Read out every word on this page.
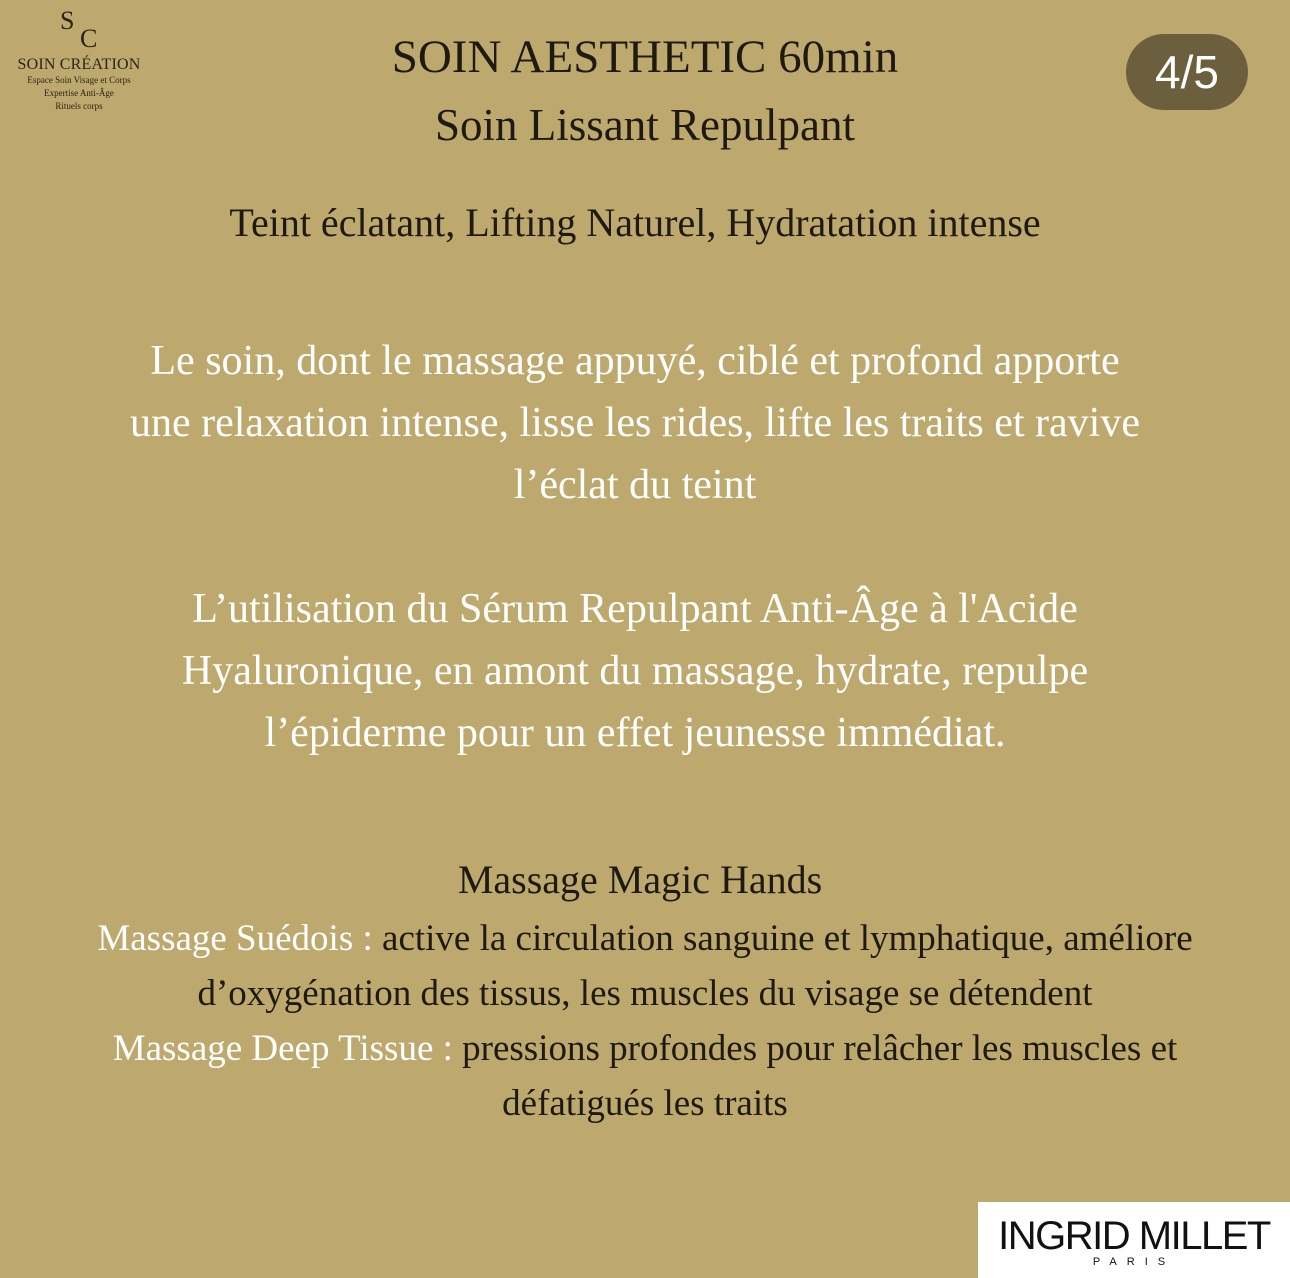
S
C
SOIN CRÉATION
Espace Soin Visage et Corps
Expertise Anti-Âge
Rituels corps
4/5
SOIN AESTHETIC 60min
Soin Lissant Repulpant
Teint éclatant, Lifting Naturel, Hydratation intense
Le soin, dont le massage appuyé, ciblé et profond apporte
une relaxation intense, lisse les rides, lifte les traits et ravive
l’éclat du teint
L’utilisation du Sérum Repulpant Anti-Âge à l'Acide
Hyaluronique, en amont du massage, hydrate, repulpe
l’épiderme pour un effet jeunesse immédiat.
Massage Magic Hands
Massage Suédois : active la circulation sanguine et lymphatique, améliore
d’oxygénation des tissus, les muscles du visage se détendent
Massage Deep Tissue : pressions profondes pour relâcher les muscles et
défatigués les traits
INGRID MILLET
PARIS
